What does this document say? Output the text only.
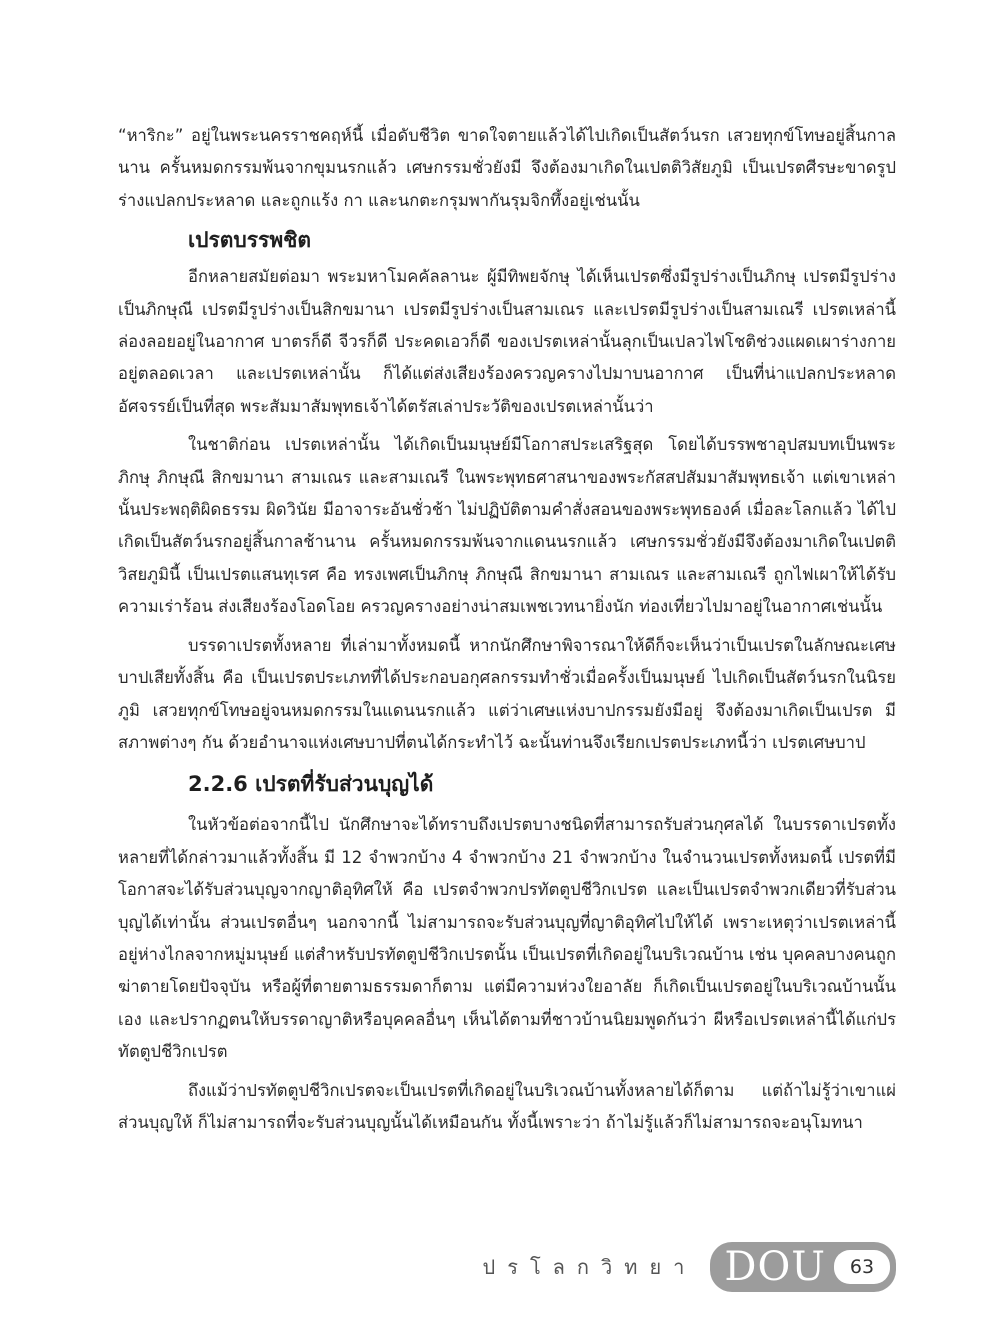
“หาริกะ” อยู่ในพระนครราชคฤห์นี้ เมื่อดับชีวิต ขาดใจตายแล้วได้ไปเกิดเป็นสัตว์นรก เสวยทุกข์โทษอยู่สิ้นกาลนาน ครั้นหมดกรรมพ้นจากขุมนรกแล้ว เศษกรรมชั่วยังมี จึงต้องมาเกิดในเปตติวิสัยภูมิ เป็นเปรตศีรษะขาดรูปร่างแปลกประหลาด และถูกแร้ง กา และนกตะกรุมพากันรุมจิกทึ้งอยู่เช่นนั้น

เปรตบรรพชิต

อีกหลายสมัยต่อมา พระมหาโมคคัลลานะ ผู้มีทิพยจักษุ ได้เห็นเปรตซึ่งมีรูปร่างเป็นภิกษุ เปรตมีรูปร่างเป็นภิกษุณี เปรตมีรูปร่างเป็นสิกขมานา เปรตมีรูปร่างเป็นสามเณร และเปรตมีรูปร่างเป็นสามเณรี เปรตเหล่านี้ล่องลอยอยู่ในอากาศ บาตรก็ดี จีวรก็ดี ประคดเอวก็ดี ของเปรตเหล่านั้นลุกเป็นเปลวไฟโชติช่วงแผดเผาร่างกายอยู่ตลอดเวลา และเปรตเหล่านั้น ก็ได้แต่ส่งเสียงร้องครวญครางไปมาบนอากาศ เป็นที่น่าแปลกประหลาดอัศจรรย์เป็นที่สุด พระสัมมาสัมพุทธเจ้าได้ตรัสเล่าประวัติของเปรตเหล่านั้นว่า

ในชาติก่อน เปรตเหล่านั้น ได้เกิดเป็นมนุษย์มีโอกาสประเสริฐสุด โดยได้บรรพชาอุปสมบทเป็นพระภิกษุ ภิกษุณี สิกขมานา สามเณร และสามเณรี ในพระพุทธศาสนาของพระกัสสปสัมมาสัมพุทธเจ้า แต่เขาเหล่านั้นประพฤติผิดธรรม ผิดวินัย มีอาจาระอันชั่วช้า ไม่ปฏิบัติตามคำสั่งสอนของพระพุทธองค์ เมื่อละโลกแล้ว ได้ไปเกิดเป็นสัตว์นรกอยู่สิ้นกาลช้านาน ครั้นหมดกรรมพ้นจากแดนนรกแล้ว เศษกรรมชั่วยังมีจึงต้องมาเกิดในเปตติวิสยภูมินี้ เป็นเปรตแสนทุเรศ คือ ทรงเพศเป็นภิกษุ ภิกษุณี สิกขมานา สามเณร และสามเณรี ถูกไฟเผาให้ได้รับความเร่าร้อน ส่งเสียงร้องโอดโอย ครวญครางอย่างน่าสมเพชเวทนายิ่งนัก ท่องเที่ยวไปมาอยู่ในอากาศเช่นนั้น

บรรดาเปรตทั้งหลาย ที่เล่ามาทั้งหมดนี้ หากนักศึกษาพิจารณาให้ดีก็จะเห็นว่าเป็นเปรตในลักษณะเศษบาปเสียทั้งสิ้น คือ เป็นเปรตประเภทที่ได้ประกอบอกุศลกรรมทำชั่วเมื่อครั้งเป็นมนุษย์ ไปเกิดเป็นสัตว์นรกในนิรยภูมิ เสวยทุกข์โทษอยู่จนหมดกรรมในแดนนรกแล้ว แต่ว่าเศษแห่งบาปกรรมยังมีอยู่ จึงต้องมาเกิดเป็นเปรต มีสภาพต่างๆ กัน ด้วยอำนาจแห่งเศษบาปที่ตนได้กระทำไว้ ฉะนั้นท่านจึงเรียกเปรตประเภทนี้ว่า เปรตเศษบาป

2.2.6 เปรตที่รับส่วนบุญได้

ในหัวข้อต่อจากนี้ไป นักศึกษาจะได้ทราบถึงเปรตบางชนิดที่สามารถรับส่วนกุศลได้ ในบรรดาเปรตทั้งหลายที่ได้กล่าวมาแล้วทั้งสิ้น มี 12 จำพวกบ้าง 4 จำพวกบ้าง 21 จำพวกบ้าง ในจำนวนเปรตทั้งหมดนี้ เปรตที่มีโอกาสจะได้รับส่วนบุญจากญาติอุทิศให้ คือ เปรตจำพวกปรทัตตูปชีวิกเปรต และเป็นเปรตจำพวกเดียวที่รับส่วนบุญได้เท่านั้น ส่วนเปรตอื่นๆ นอกจากนี้ ไม่สามารถจะรับส่วนบุญที่ญาติอุทิศไปให้ได้ เพราะเหตุว่าเปรตเหล่านี้อยู่ห่างไกลจากหมู่มนุษย์ แต่สำหรับปรทัตตูปชีวิกเปรตนั้น เป็นเปรตที่เกิดอยู่ในบริเวณบ้าน เช่น บุคคลบางคนถูกฆ่าตายโดยปัจจุบัน หรือผู้ที่ตายตามธรรมดาก็ตาม แต่มีความห่วงใยอาลัย ก็เกิดเป็นเปรตอยู่ในบริเวณบ้านนั้นเอง และปรากฏตนให้บรรดาญาติหรือบุคคลอื่นๆ เห็นได้ตามที่ชาวบ้านนิยมพูดกันว่า ผีหรือเปรตเหล่านี้ได้แก่ปรทัตตูปชีวิกเปรต

ถึงแม้ว่าปรทัตตูปชีวิกเปรตจะเป็นเปรตที่เกิดอยู่ในบริเวณบ้านทั้งหลายได้ก็ตาม แต่ถ้าไม่รู้ว่าเขาแผ่ส่วนบุญให้ ก็ไม่สามารถที่จะรับส่วนบุญนั้นได้เหมือนกัน ทั้งนี้เพราะว่า ถ้าไม่รู้แล้วก็ไม่สามารถจะอนุโมทนา

ปรโลกวิทยา DOU	63
